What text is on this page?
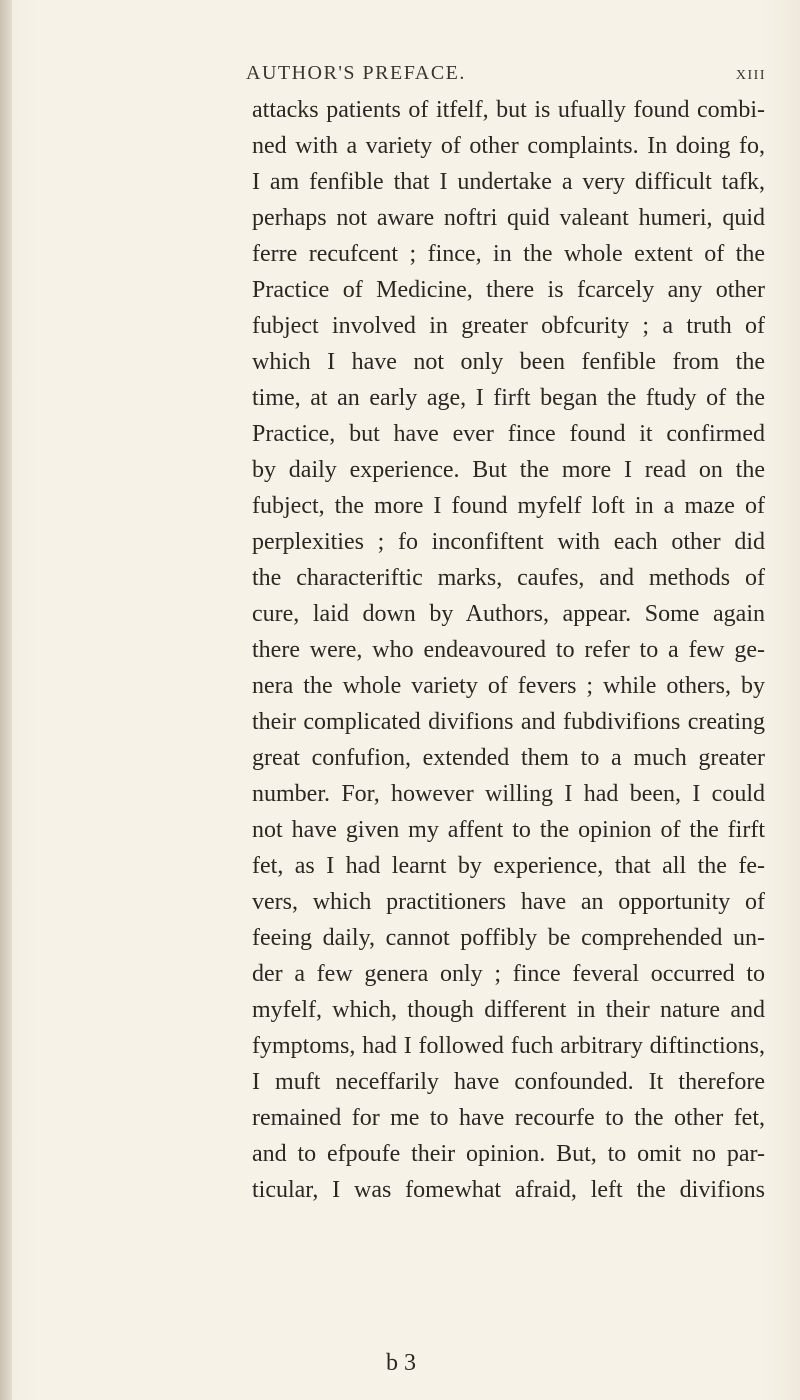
AUTHOR'S PREFACE.	xiii
attacks patients of itfelf, but is ufually found combi-
ned with a variety of other complaints. In doing fo,
I am fenfible that I undertake a very difficult tafk,
perhaps not aware noftri quid valeant humeri, quid
ferre recufcent ; fince, in the whole extent of the
Practice of Medicine, there is fcarcely any other
fubject involved in greater obfcurity ; a truth of
which I have not only been fenfible from the
time, at an early age, I firft began the ftudy of the
Practice, but have ever fince found it confirmed
by daily experience. But the more I read on the
fubject, the more I found myfelf loft in a maze of
perplexities ; fo inconfiftent with each other did
the characteriftic marks, caufes, and methods of
cure, laid down by Authors, appear. Some again
there were, who endeavoured to refer to a few ge-
nera the whole variety of fevers ; while others, by
their complicated divifions and fubdivifions creating
great confufion, extended them to a much greater
number. For, however willing I had been, I could
not have given my affent to the opinion of the firft
fet, as I had learnt by experience, that all the fe-
vers, which practitioners have an opportunity of
feeing daily, cannot poffibly be comprehended un-
der a few genera only ; fince feveral occurred to
myfelf, which, though different in their nature and
fymptoms, had I followed fuch arbitrary diftinctions,
I muft neceffarily have confounded. It therefore
remained for me to have recourfe to the other fet,
and to efpoufe their opinion. But, to omit no par-
ticular, I was fomewhat afraid, left the divifions
b 3
